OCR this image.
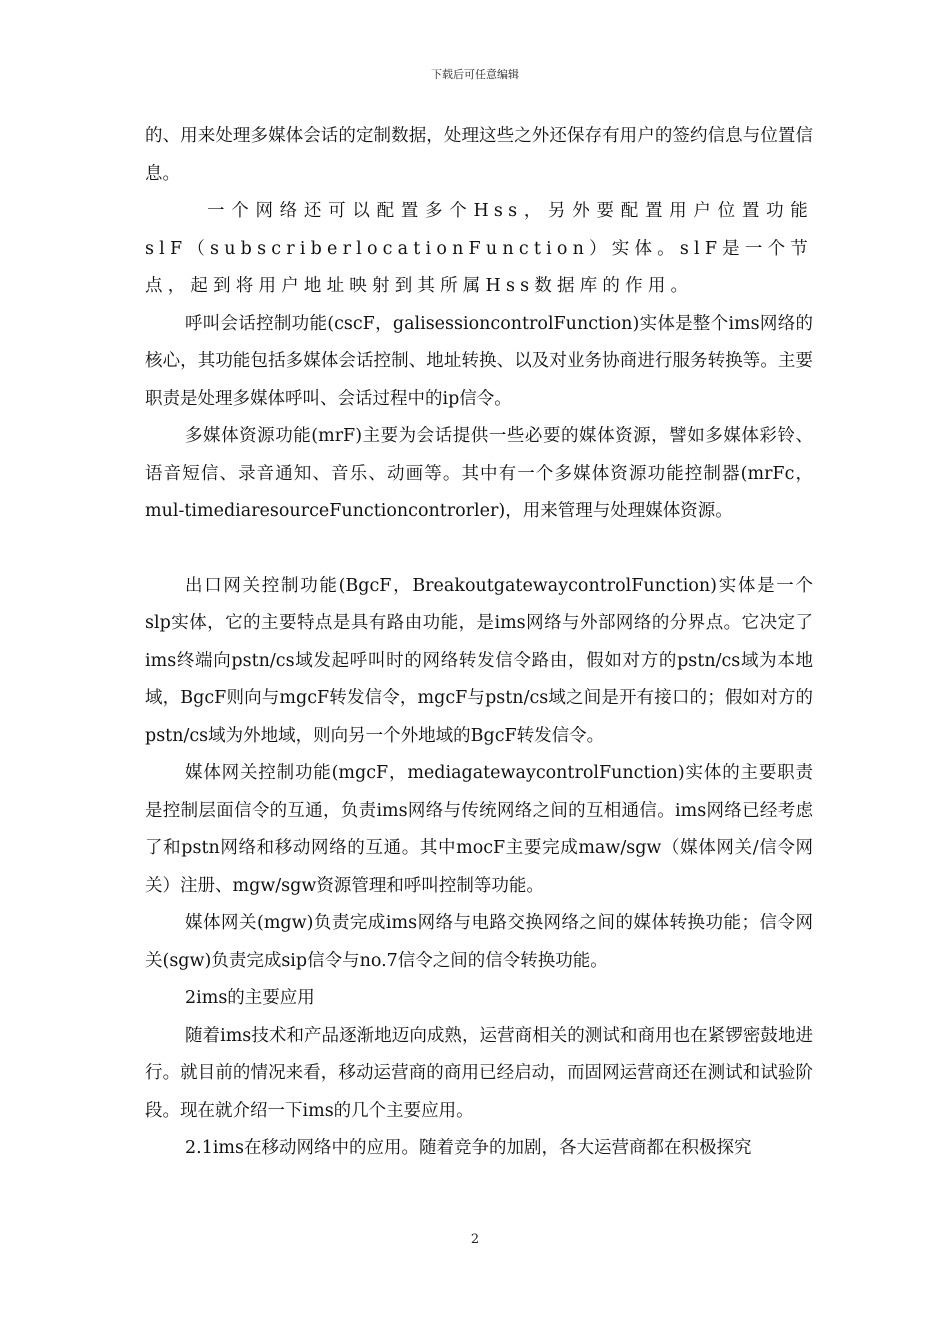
下载后可任意编辑

的、用来处理多媒体会话的定制数据，处理这些之外还保存有用户的签约信息与位置信息。

一个网络还可以配置多个Hss，另外要配置用户位置功能slF（subscriberlocationFunction）实体。slF是一个节点，起到将用户地址映射到其所属Hss数据库的作用。

呼叫会话控制功能(cscF，galisessioncontrolFunction)实体是整个ims网络的核心，其功能包括多媒体会话控制、地址转换、以及对业务协商进行服务转换等。主要职责是处理多媒体呼叫、会话过程中的ip信令。

多媒体资源功能(mrF)主要为会话提供一些必要的媒体资源，譬如多媒体彩铃、语音短信、录音通知、音乐、动画等。其中有一个多媒体资源功能控制器(mrFc，mul-timediaresourceFunctioncontrorler)，用来管理与处理媒体资源。

出口网关控制功能(BgcF，BreakoutgatewaycontrolFunction)实体是一个slp实体，它的主要特点是具有路由功能，是ims网络与外部网络的分界点。它决定了ims终端向pstn/cs域发起呼叫时的网络转发信令路由，假如对方的pstn/cs域为本地域，BgcF则向与mgcF转发信令，mgcF与pstn/cs域之间是开有接口的；假如对方的pstn/cs域为外地域，则向另一个外地域的BgcF转发信令。

媒体网关控制功能(mgcF，mediagatewaycontrolFunction)实体的主要职责是控制层面信令的互通，负责ims网络与传统网络之间的互相通信。ims网络已经考虑了和pstn网络和移动网络的互通。其中mocF主要完成maw/sgw（媒体网关/信令网关）注册、mgw/sgw资源管理和呼叫控制等功能。

媒体网关(mgw)负责完成ims网络与电路交换网络之间的媒体转换功能；信令网关(sgw)负责完成sip信令与no.7信令之间的信令转换功能。

2ims的主要应用

随着ims技术和产品逐渐地迈向成熟，运营商相关的测试和商用也在紧锣密鼓地进行。就目前的情况来看，移动运营商的商用已经启动，而固网运营商还在测试和试验阶段。现在就介绍一下ims的几个主要应用。

2.1ims在移动网络中的应用。随着竞争的加剧，各大运营商都在积极探究

2
